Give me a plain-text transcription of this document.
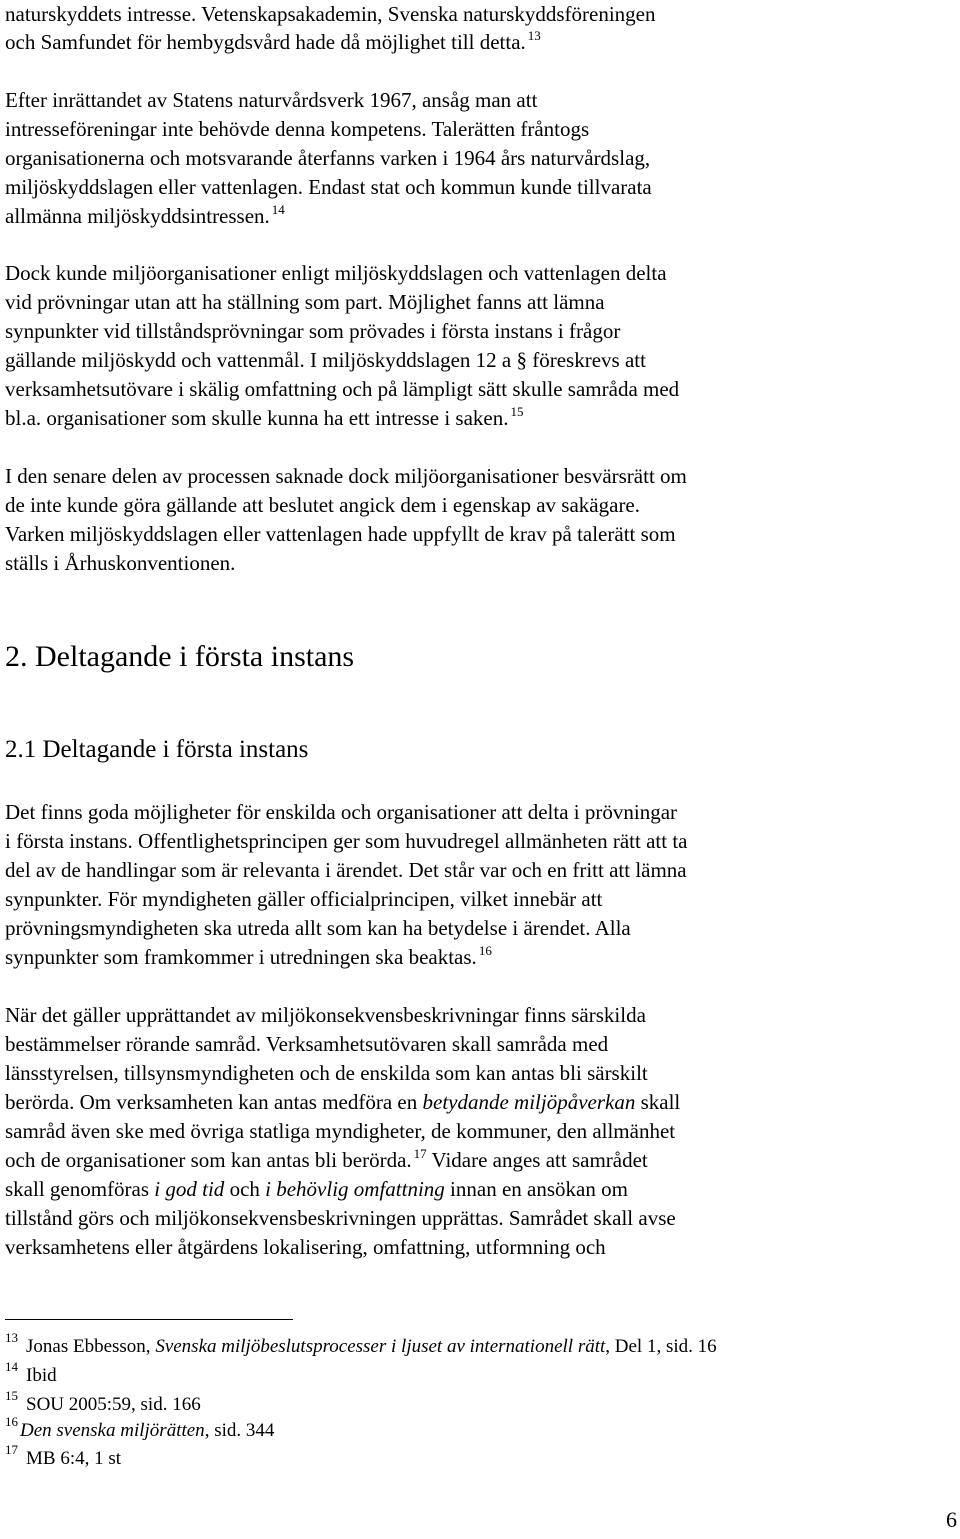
naturskyddets intresse. Vetenskapsakademin, Svenska naturskyddsföreningen
och Samfundet för hembygdsvård hade då möjlighet till detta. $^{13}$
Efter inrättandet av Statens naturvårdsverk 1967, ansåg man att
intresseföreningar inte behövde denna kompetens. Talerätten fråntogs
organisationerna och motsvarande återfanns varken i 1964 års naturvårdslag,
miljöskyddslagen eller vattenlagen. Endast stat och kommun kunde tillvarata
allmänna miljöskyddsintressen. $^{14}$
Dock kunde miljöorganisationer enligt miljöskyddslagen och vattenlagen delta
vid prövningar utan att ha ställning som part. Möjlighet fanns att lämna
synpunkter vid tillståndsprövningar som prövades i första instans i frågor
gällande miljöskydd och vattenmål. I miljöskyddslagen 12 a § föreskrevs att
verksamhetsutövare i skälig omfattning och på lämpligt sätt skulle samråda med
bl.a. organisationer som skulle kunna ha ett intresse i saken. $^{15}$
I den senare delen av processen saknade dock miljöorganisationer besvärsrätt om
de inte kunde göra gällande att beslutet angick dem i egenskap av sakägare.
Varken miljöskyddslagen eller vattenlagen hade uppfyllt de krav på talerätt som
ställs i Århuskonventionen.
2. Deltagande i första instans
2.1 Deltagande i första instans
Det finns goda möjligheter för enskilda och organisationer att delta i prövningar
i första instans. Offentlighetsprincipen ger som huvudregel allmänheten rätt att ta
del av de handlingar som är relevanta i ärendet. Det står var och en fritt att lämna
synpunkter. För myndigheten gäller officialprincipen, vilket innebär att
prövningsmyndigheten ska utreda allt som kan ha betydelse i ärendet. Alla
synpunkter som framkommer i utredningen ska beaktas. $^{16}$
När det gäller upprättandet av miljökonsekvensbeskrivningar finns särskilda
bestämmelser rörande samråd. Verksamhetsutövaren skall samråda med
länsstyrelsen, tillsynsmyndigheten och de enskilda som kan antas bli särskilt
berörda. Om verksamheten kan antas medföra en betydande miljöpåverkan skall
samråd även ske med övriga statliga myndigheter, de kommuner, den allmänhet
och de organisationer som kan antas bli berörda. $^{17}$ Vidare anges att samrådet
skall genomföras i god tid och i behövlig omfattning innan en ansökan om
tillstånd görs och miljökonsekvensbeskrivningen upprättas. Samrådet skall avse
verksamhetens eller åtgärdens lokalisering, omfattning, utformning och
$^{13}$ Jonas Ebbesson, Svenska miljöbeslutsprocesser i ljuset av internationell rätt, Del 1, sid. 16
$^{14}$ Ibid
$^{15}$ SOU 2005:59, sid. 166
$^{16}$ Den svenska miljörätten, sid. 344
$^{17}$ MB 6:4, 1 st
6
